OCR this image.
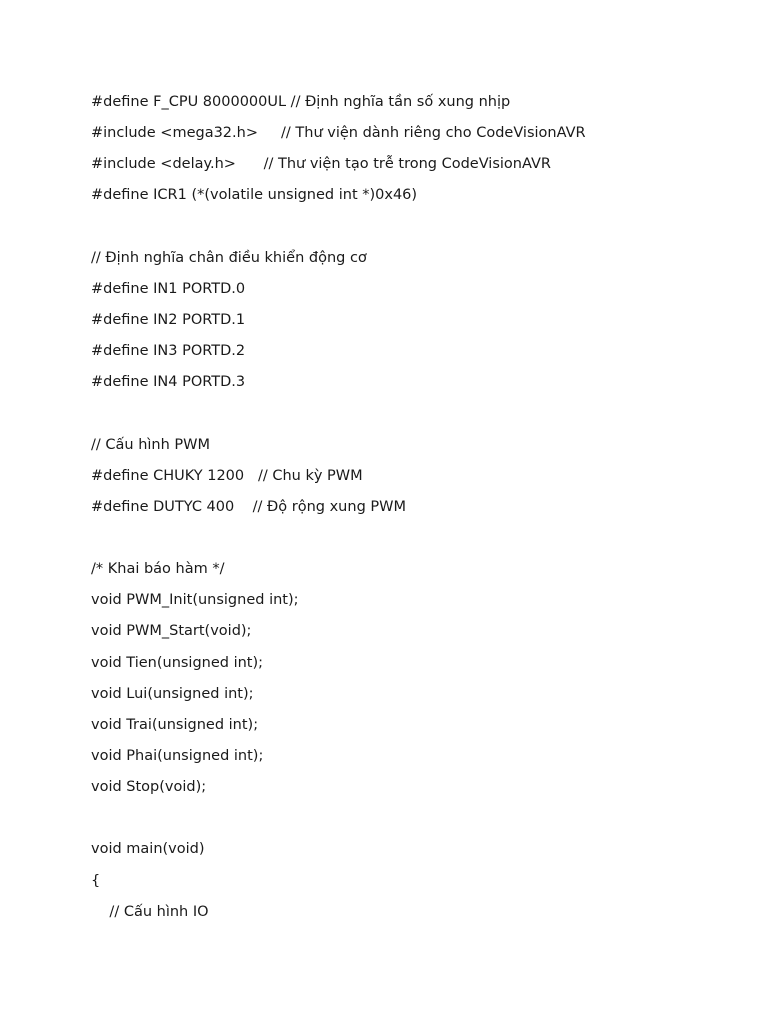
#define F_CPU 8000000UL // Định nghĩa tần số xung nhịp
#include <mega32.h>     // Thư viện dành riêng cho CodeVisionAVR
#include <delay.h>      // Thư viện tạo trễ trong CodeVisionAVR
#define ICR1 (*(volatile unsigned int *)0x46)
// Định nghĩa chân điều khiển động cơ
#define IN1 PORTD.0
#define IN2 PORTD.1
#define IN3 PORTD.2
#define IN4 PORTD.3
// Cấu hình PWM
#define CHUKY 1200   // Chu kỳ PWM
#define DUTYC 400    // Độ rộng xung PWM
/* Khai báo hàm */
void PWM_Init(unsigned int);
void PWM_Start(void);
void Tien(unsigned int);
void Lui(unsigned int);
void Trai(unsigned int);
void Phai(unsigned int);
void Stop(void);
void main(void)
{
// Cấu hình IO
